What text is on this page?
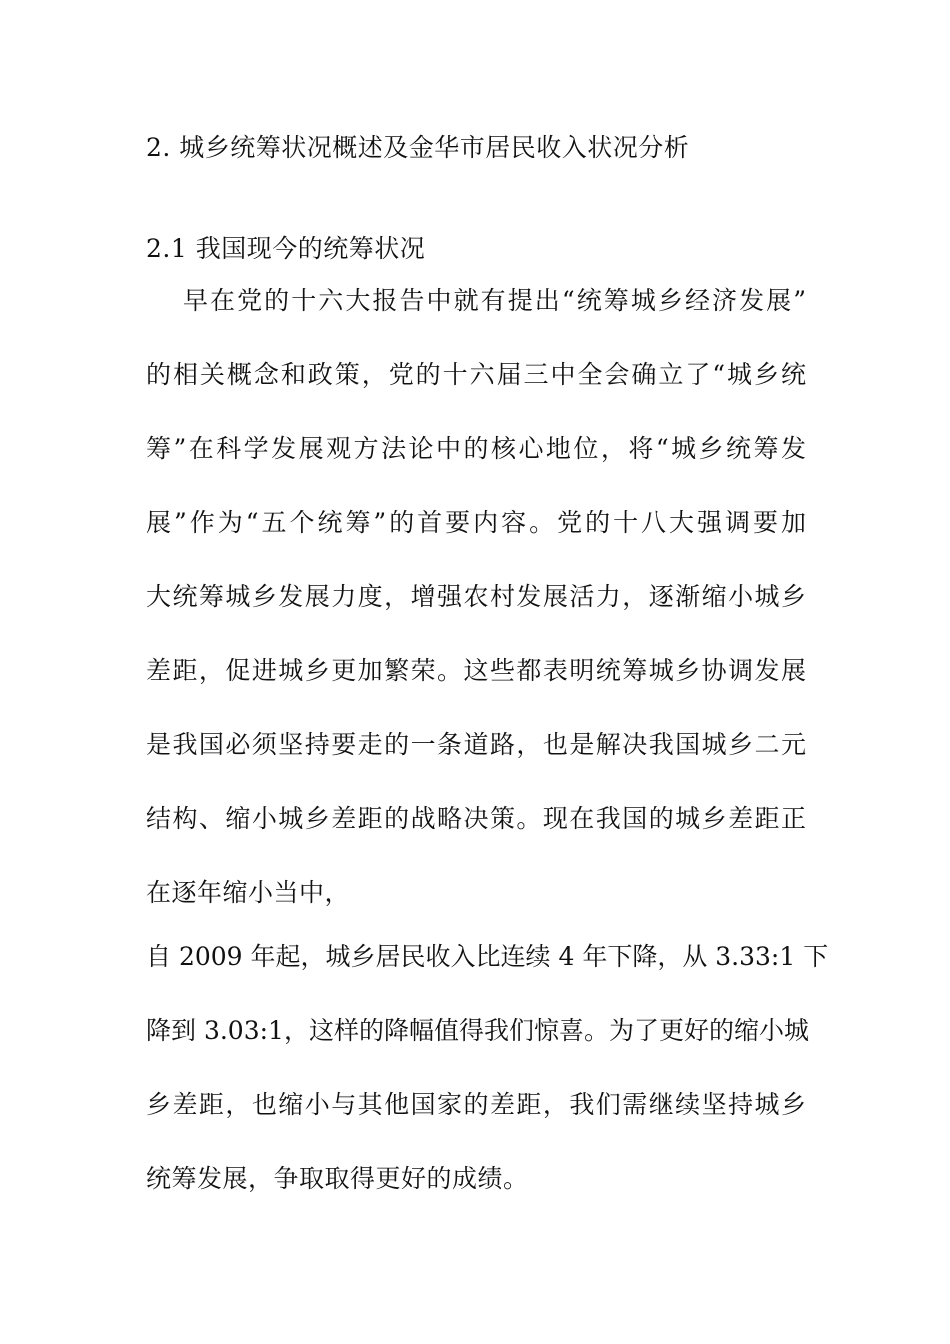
2. 城乡统筹状况概述及金华市居民收入状况分析
2.1 我国现今的统筹状况
早在党的十六大报告中就有提出“统筹城乡经济发展”
的相关概念和政策，党的十六届三中全会确立了“城乡统
筹”在科学发展观方法论中的核心地位，将“城乡统筹发
展”作为“五个统筹”的首要内容。党的十八大强调要加
大统筹城乡发展力度，增强农村发展活力，逐渐缩小城乡
差距，促进城乡更加繁荣。这些都表明统筹城乡协调发展
是我国必须坚持要走的一条道路，也是解决我国城乡二元
结构、缩小城乡差距的战略决策。现在我国的城乡差距正
在逐年缩小当中，
自 2009 年起，城乡居民收入比连续 4 年下降，从 3.33:1 下
降到 3.03:1，这样的降幅值得我们惊喜。为了更好的缩小城
乡差距，也缩小与其他国家的差距，我们需继续坚持城乡
统筹发展，争取取得更好的成绩。
